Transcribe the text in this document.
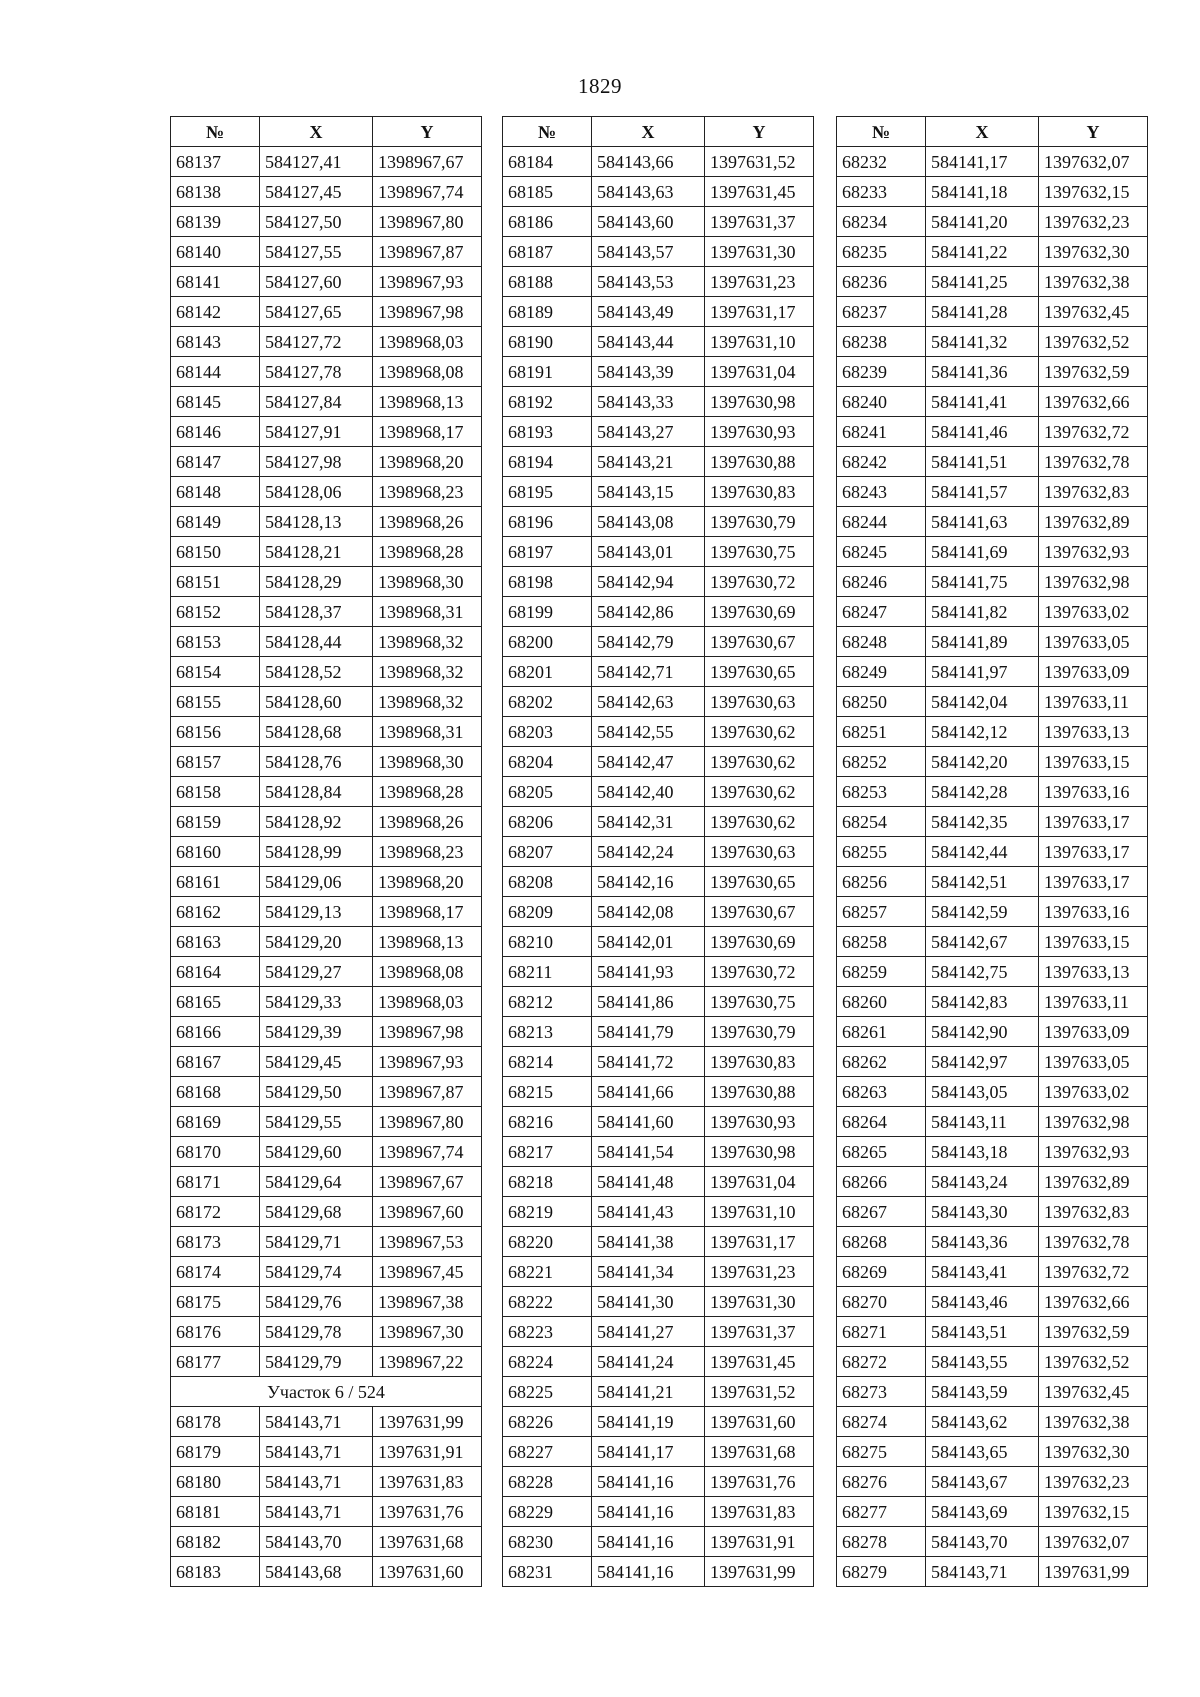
1829
№	X	Y
68137	584127,41	1398967,67
68138	584127,45	1398967,74
68139	584127,50	1398967,80
68140	584127,55	1398967,87
68141	584127,60	1398967,93
68142	584127,65	1398967,98
68143	584127,72	1398968,03
68144	584127,78	1398968,08
68145	584127,84	1398968,13
68146	584127,91	1398968,17
68147	584127,98	1398968,20
68148	584128,06	1398968,23
68149	584128,13	1398968,26
68150	584128,21	1398968,28
68151	584128,29	1398968,30
68152	584128,37	1398968,31
68153	584128,44	1398968,32
68154	584128,52	1398968,32
68155	584128,60	1398968,32
68156	584128,68	1398968,31
68157	584128,76	1398968,30
68158	584128,84	1398968,28
68159	584128,92	1398968,26
68160	584128,99	1398968,23
68161	584129,06	1398968,20
68162	584129,13	1398968,17
68163	584129,20	1398968,13
68164	584129,27	1398968,08
68165	584129,33	1398968,03
68166	584129,39	1398967,98
68167	584129,45	1398967,93
68168	584129,50	1398967,87
68169	584129,55	1398967,80
68170	584129,60	1398967,74
68171	584129,64	1398967,67
68172	584129,68	1398967,60
68173	584129,71	1398967,53
68174	584129,74	1398967,45
68175	584129,76	1398967,38
68176	584129,78	1398967,30
68177	584129,79	1398967,22
Участок 6 / 524		
68178	584143,71	1397631,99
68179	584143,71	1397631,91
68180	584143,71	1397631,83
68181	584143,71	1397631,76
68182	584143,70	1397631,68
68183	584143,68	1397631,60
№	X	Y
68184	584143,66	1397631,52
68185	584143,63	1397631,45
68186	584143,60	1397631,37
68187	584143,57	1397631,30
68188	584143,53	1397631,23
68189	584143,49	1397631,17
68190	584143,44	1397631,10
68191	584143,39	1397631,04
68192	584143,33	1397630,98
68193	584143,27	1397630,93
68194	584143,21	1397630,88
68195	584143,15	1397630,83
68196	584143,08	1397630,79
68197	584143,01	1397630,75
68198	584142,94	1397630,72
68199	584142,86	1397630,69
68200	584142,79	1397630,67
68201	584142,71	1397630,65
68202	584142,63	1397630,63
68203	584142,55	1397630,62
68204	584142,47	1397630,62
68205	584142,40	1397630,62
68206	584142,31	1397630,62
68207	584142,24	1397630,63
68208	584142,16	1397630,65
68209	584142,08	1397630,67
68210	584142,01	1397630,69
68211	584141,93	1397630,72
68212	584141,86	1397630,75
68213	584141,79	1397630,79
68214	584141,72	1397630,83
68215	584141,66	1397630,88
68216	584141,60	1397630,93
68217	584141,54	1397630,98
68218	584141,48	1397631,04
68219	584141,43	1397631,10
68220	584141,38	1397631,17
68221	584141,34	1397631,23
68222	584141,30	1397631,30
68223	584141,27	1397631,37
68224	584141,24	1397631,45
68225	584141,21	1397631,52
68226	584141,19	1397631,60
68227	584141,17	1397631,68
68228	584141,16	1397631,76
68229	584141,16	1397631,83
68230	584141,16	1397631,91
68231	584141,16	1397631,99
№	X	Y
68232	584141,17	1397632,07
68233	584141,18	1397632,15
68234	584141,20	1397632,23
68235	584141,22	1397632,30
68236	584141,25	1397632,38
68237	584141,28	1397632,45
68238	584141,32	1397632,52
68239	584141,36	1397632,59
68240	584141,41	1397632,66
68241	584141,46	1397632,72
68242	584141,51	1397632,78
68243	584141,57	1397632,83
68244	584141,63	1397632,89
68245	584141,69	1397632,93
68246	584141,75	1397632,98
68247	584141,82	1397633,02
68248	584141,89	1397633,05
68249	584141,97	1397633,09
68250	584142,04	1397633,11
68251	584142,12	1397633,13
68252	584142,20	1397633,15
68253	584142,28	1397633,16
68254	584142,35	1397633,17
68255	584142,44	1397633,17
68256	584142,51	1397633,17
68257	584142,59	1397633,16
68258	584142,67	1397633,15
68259	584142,75	1397633,13
68260	584142,83	1397633,11
68261	584142,90	1397633,09
68262	584142,97	1397633,05
68263	584143,05	1397633,02
68264	584143,11	1397632,98
68265	584143,18	1397632,93
68266	584143,24	1397632,89
68267	584143,30	1397632,83
68268	584143,36	1397632,78
68269	584143,41	1397632,72
68270	584143,46	1397632,66
68271	584143,51	1397632,59
68272	584143,55	1397632,52
68273	584143,59	1397632,45
68274	584143,62	1397632,38
68275	584143,65	1397632,30
68276	584143,67	1397632,23
68277	584143,69	1397632,15
68278	584143,70	1397632,07
68279	584143,71	1397631,99
